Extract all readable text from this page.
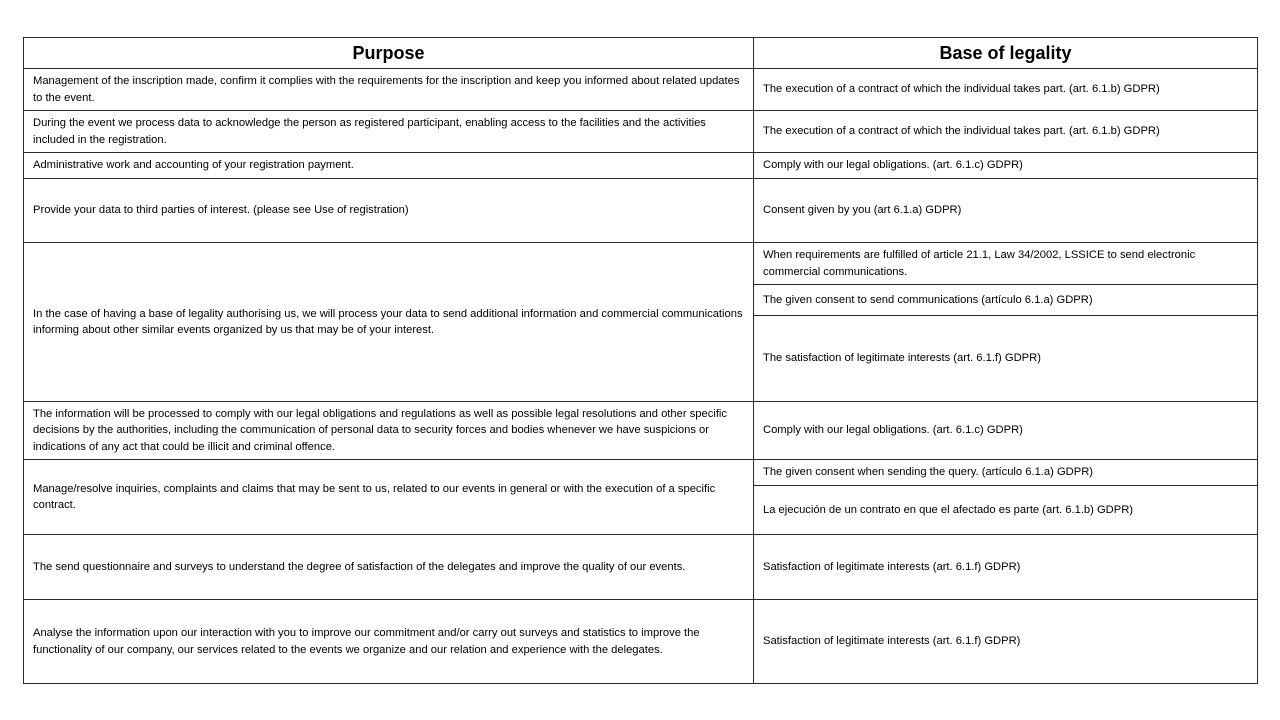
Purpose	Base of legality
Management of the inscription made, confirm it complies with the requirements for the inscription and keep you informed about related updates to the event.	The execution of a contract of which the individual takes part. (art. 6.1.b) GDPR)
During the event we process data to acknowledge the person as registered participant, enabling access to the facilities and the activities included in the registration.	The execution of a contract of which the individual takes part. (art. 6.1.b) GDPR)
Administrative work and accounting of your registration payment.	Comply with our legal obligations. (art. 6.1.c) GDPR)
Provide your data to third parties of interest. (please see Use of registration)	Consent given by you (art 6.1.a) GDPR)
In the case of having a base of legality authorising us, we will process your data to send additional information and commercial communications informing about other similar events organized by us that may be of your interest.	When requirements are fulfilled of article 21.1, Law 34/2002, LSSICE to send electronic commercial communications.
	The given consent to send communications (artículo 6.1.a) GDPR)
	The satisfaction of legitimate interests (art. 6.1.f) GDPR)
The information will be processed to comply with our legal obligations and regulations as well as possible legal resolutions and other specific decisions by the authorities, including the communication of personal data to security forces and bodies whenever we have suspicions or indications of any act that could be illicit and criminal offence.	Comply with our legal obligations. (art. 6.1.c) GDPR)
Manage/resolve inquiries, complaints and claims that may be sent to us, related to our events in general or with the execution of a specific contract.	The given consent when sending the query. (artículo 6.1.a) GDPR)
	La ejecución de un contrato en que el afectado es parte (art. 6.1.b) GDPR)
The send questionnaire and surveys to understand the degree of satisfaction of the delegates and improve the quality of our events.	Satisfaction of legitimate interests (art. 6.1.f) GDPR)
Analyse the information upon our interaction with you to improve our commitment and/or carry out surveys and statistics to improve the functionality of our company, our services related to the events we organize and our relation and experience with the delegates.	Satisfaction of legitimate interests (art. 6.1.f) GDPR)
